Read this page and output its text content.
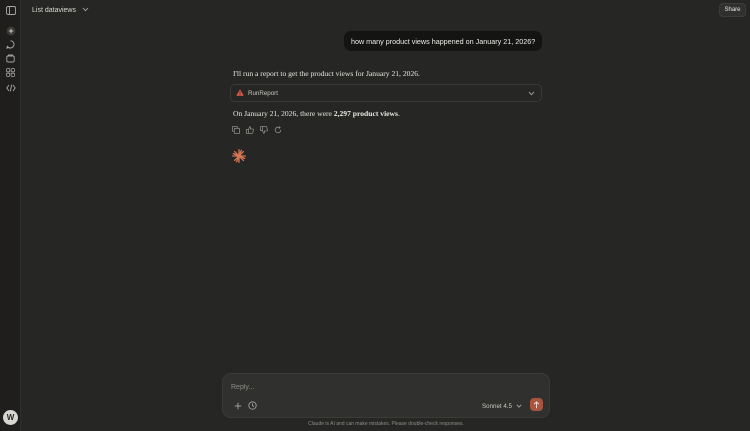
W
List dataviews	Share
how many product views happened on January 21, 2026?
I'll run a report to get the product views for January 21, 2026.
RunReport
On January 21, 2026, there were 2,297 product views.
Reply...
Sonnet 4.5
Claude is AI and can make mistakes. Please double-check responses.
